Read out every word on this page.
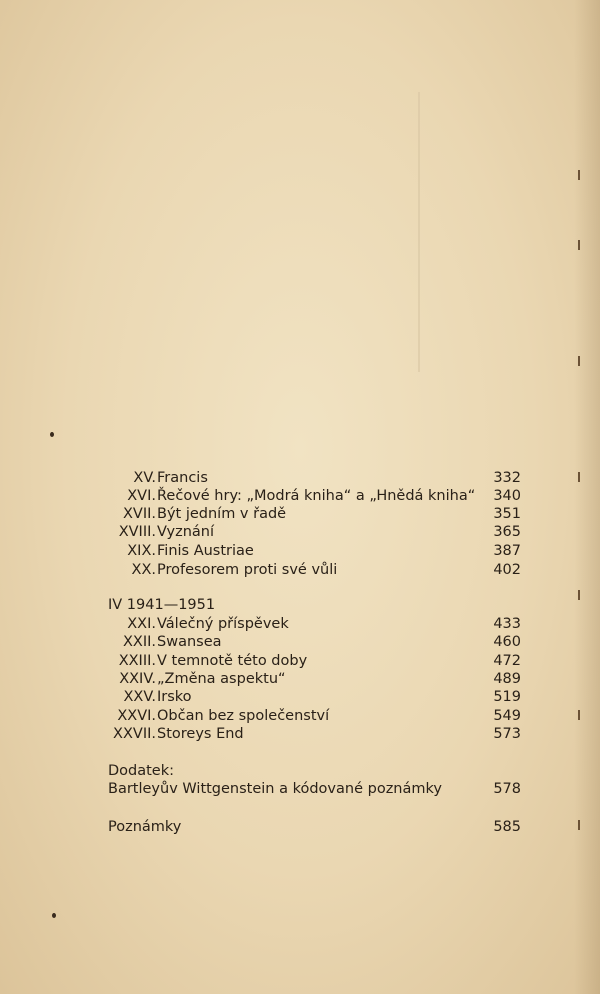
XV. Francis	332
XVI. Řečové hry: „Modrá kniha“ a „Hnědá kniha“ 340
XVII. Být jedním v řadě	351
XVIII. Vyznání	365
XIX. Finis Austriae	387
XX. Profesorem proti své vůli	402
IV 1941—1951
XXI. Válečný příspěvek	433
XXII. Swansea	460
XXIII. V temnotě této doby	472
XXIV. „Změna aspektu“	489
XXV. Irsko	519
XXVI. Občan bez společenství	549
XXVII. Storeys End	573
Dodatek:
Bartleyův Wittgenstein a kódované poznámky	578
Poznámky	585
